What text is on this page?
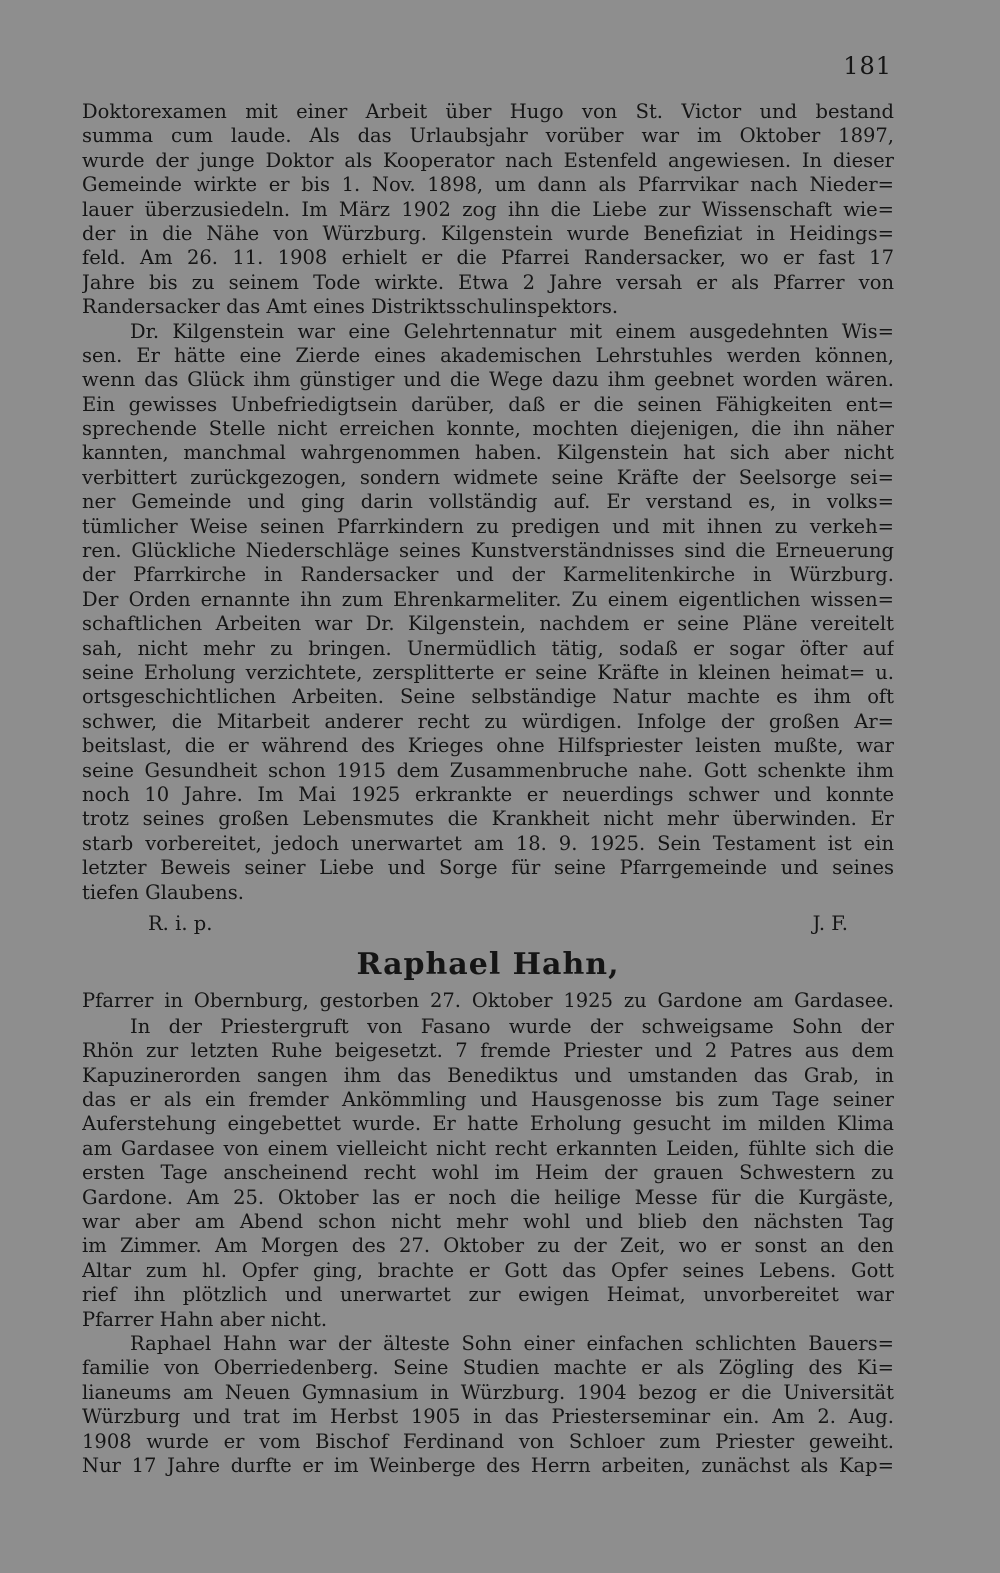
181
Doktorexamen mit einer Arbeit über Hugo von St. Victor und bestand
summa cum laude. Als das Urlaubsjahr vorüber war im Oktober 1897,
wurde der junge Doktor als Kooperator nach Estenfeld angewiesen. In dieser
Gemeinde wirkte er bis 1. Nov. 1898, um dann als Pfarrvikar nach Nieder=
lauer überzusiedeln. Im März 1902 zog ihn die Liebe zur Wissenschaft wie=
der in die Nähe von Würzburg. Kilgenstein wurde Benefiziat in Heidings=
feld. Am 26. 11. 1908 erhielt er die Pfarrei Randersacker, wo er fast 17
Jahre bis zu seinem Tode wirkte. Etwa 2 Jahre versah er als Pfarrer von
Randersacker das Amt eines Distriktsschulinspektors.
Dr. Kilgenstein war eine Gelehrtennatur mit einem ausgedehnten Wis=
sen. Er hätte eine Zierde eines akademischen Lehrstuhles werden können,
wenn das Glück ihm günstiger und die Wege dazu ihm geebnet worden wären.
Ein gewisses Unbefriedigtsein darüber, daß er die seinen Fähigkeiten ent=
sprechende Stelle nicht erreichen konnte, mochten diejenigen, die ihn näher
kannten, manchmal wahrgenommen haben. Kilgenstein hat sich aber nicht
verbittert zurückgezogen, sondern widmete seine Kräfte der Seelsorge sei=
ner Gemeinde und ging darin vollständig auf. Er verstand es, in volks=
tümlicher Weise seinen Pfarrkindern zu predigen und mit ihnen zu verkeh=
ren. Glückliche Niederschläge seines Kunstverständnisses sind die Erneuerung
der Pfarrkirche in Randersacker und der Karmelitenkirche in Würzburg.
Der Orden ernannte ihn zum Ehrenkarmeliter. Zu einem eigentlichen wissen=
schaftlichen Arbeiten war Dr. Kilgenstein, nachdem er seine Pläne vereitelt
sah, nicht mehr zu bringen. Unermüdlich tätig, sodaß er sogar öfter auf
seine Erholung verzichtete, zersplitterte er seine Kräfte in kleinen heimat= u.
ortsgeschichtlichen Arbeiten. Seine selbständige Natur machte es ihm oft
schwer, die Mitarbeit anderer recht zu würdigen. Infolge der großen Ar=
beitslast, die er während des Krieges ohne Hilfspriester leisten mußte, war
seine Gesundheit schon 1915 dem Zusammenbruche nahe. Gott schenkte ihm
noch 10 Jahre. Im Mai 1925 erkrankte er neuerdings schwer und konnte
trotz seines großen Lebensmutes die Krankheit nicht mehr überwinden. Er
starb vorbereitet, jedoch unerwartet am 18. 9. 1925. Sein Testament ist ein
letzter Beweis seiner Liebe und Sorge für seine Pfarrgemeinde und seines
tiefen Glaubens.
R. i. p.	J. F.
Raphael Hahn,
Pfarrer in Obernburg, gestorben 27. Oktober 1925 zu Gardone am Gardasee.
In der Priestergruft von Fasano wurde der schweigsame Sohn der
Rhön zur letzten Ruhe beigesetzt. 7 fremde Priester und 2 Patres aus dem
Kapuzinerorden sangen ihm das Benediktus und umstanden das Grab, in
das er als ein fremder Ankömmling und Hausgenosse bis zum Tage seiner
Auferstehung eingebettet wurde. Er hatte Erholung gesucht im milden Klima
am Gardasee von einem vielleicht nicht recht erkannten Leiden, fühlte sich die
ersten Tage anscheinend recht wohl im Heim der grauen Schwestern zu
Gardone. Am 25. Oktober las er noch die heilige Messe für die Kurgäste,
war aber am Abend schon nicht mehr wohl und blieb den nächsten Tag
im Zimmer. Am Morgen des 27. Oktober zu der Zeit, wo er sonst an den
Altar zum hl. Opfer ging, brachte er Gott das Opfer seines Lebens. Gott
rief ihn plötzlich und unerwartet zur ewigen Heimat, unvorbereitet war
Pfarrer Hahn aber nicht.
Raphael Hahn war der älteste Sohn einer einfachen schlichten Bauers=
familie von Oberriedenberg. Seine Studien machte er als Zögling des Ki=
lianeums am Neuen Gymnasium in Würzburg. 1904 bezog er die Universität
Würzburg und trat im Herbst 1905 in das Priesterseminar ein. Am 2. Aug.
1908 wurde er vom Bischof Ferdinand von Schloer zum Priester geweiht.
Nur 17 Jahre durfte er im Weinberge des Herrn arbeiten, zunächst als Kap=
